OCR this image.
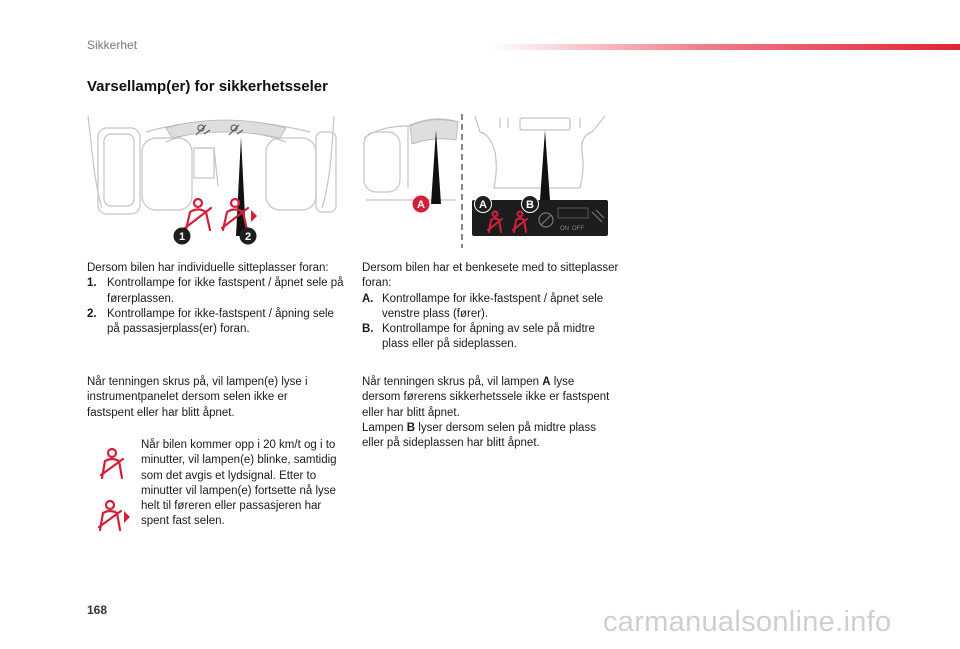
Sikkerhet
Varsellamp(er) for sikkerhetsseler
1	2
A	A	B
ON OFF

Dersom bilen har individuelle sitteplasser foran:

1. Kontrollampe for ikke fastspent / åpnet sele på førerplassen.
2. Kontrollampe for ikke-fastspent / åpning sele på passasjerplass(er) foran.
Når tenningen skrus på, vil lampen(e) lyse i instrumentpanelet dersom selen ikke er fastspent eller har blitt åpnet.
Når bilen kommer opp i 20 km/t og i to minutter, vil lampen(e) blinke, samtidig som det avgis et lydsignal. Etter to minutter vil lampen(e) fortsette nå lyse helt til føreren eller passasjeren har spent fast selen.

Dersom bilen har et benkesete med to sitteplasser foran:

A. Kontrollampe for ikke-fastspent / åpnet sele venstre plass (fører).
B. Kontrollampe for åpning av sele på midtre plass eller på sideplassen.

Når tenningen skrus på, vil lampen A lyse dersom førerens sikkerhetssele ikke er fastspent eller har blitt åpnet.

Lampen B lyser dersom selen på midtre plass eller på sideplassen har blitt åpnet.

168	carmanualsonline.info
